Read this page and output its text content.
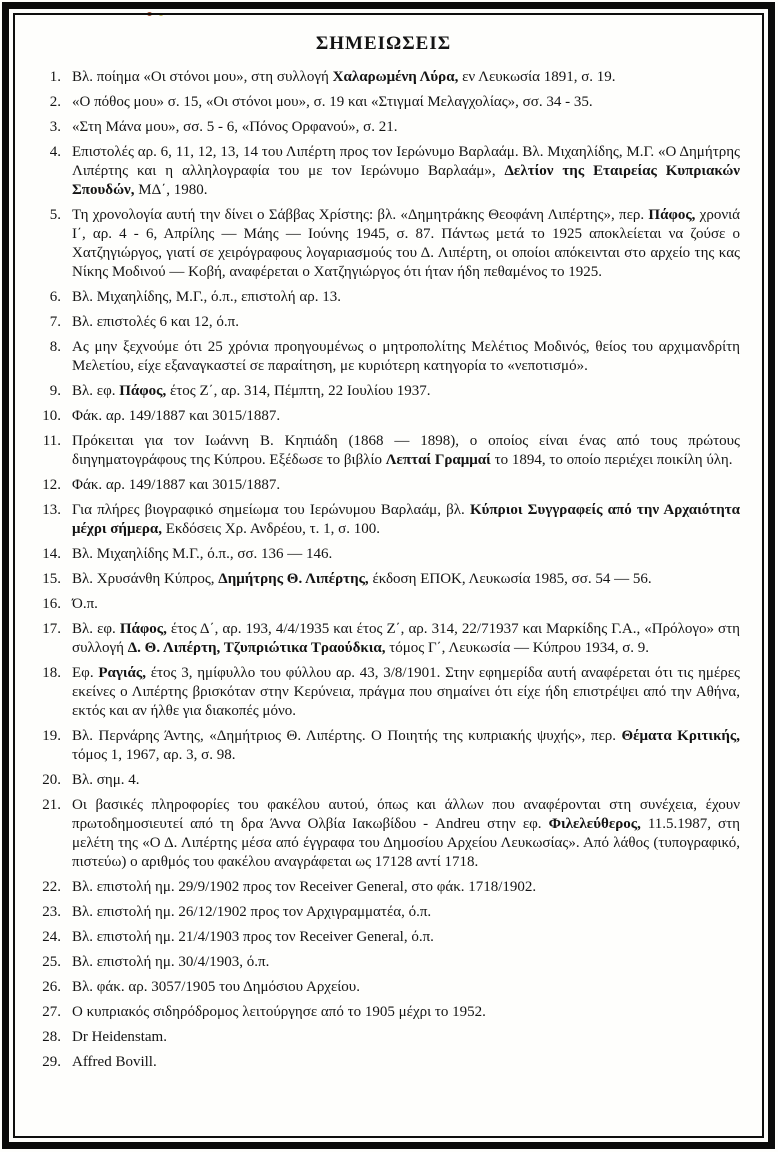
ΣΗΜΕΙΩΣΕΙΣ
1. Βλ. ποίημα «Οι στόνοι μου», στη συλλογή Χαλαρωμένη Λύρα, εν Λευκωσία 1891, σ. 19.
2. «Ο πόθος μου» σ. 15, «Οι στόνοι μου», σ. 19 και «Στιγμαί Μελαγχολίας», σσ. 34 - 35.
3. «Στη Μάνα μου», σσ. 5 - 6, «Πόνος Ορφανού», σ. 21.
4. Επιστολές αρ. 6, 11, 12, 13, 14 του Λιπέρτη προς τον Ιερώνυμο Βαρλαάμ. Βλ. Μιχαηλίδης, Μ.Γ. «Ο Δημήτρης Λιπέρτης και η αλληλογραφία του με τον Ιερώνυμο Βαρλαάμ», Δελτίον της Εταιρείας Κυπριακών Σπουδών, ΜΔ΄, 1980.
5. Τη χρονολογία αυτή την δίνει ο Σάββας Χρίστης: βλ. «Δημητράκης Θεοφάνη Λιπέρτης», περ. Πάφος, χρονιά Ι΄, αρ. 4 - 6, Απρίλης — Μάης — Ιούνης 1945, σ. 87. Πάντως μετά το 1925 αποκλείεται να ζούσε ο Χατζηγιώργος, γιατί σε χειρόγραφους λογαριασμούς του Δ. Λιπέρτη, οι οποίοι απόκεινται στο αρχείο της κας Νίκης Μοδινού — Κοβή, αναφέρεται ο Χατζηγιώργος ότι ήταν ήδη πεθαμένος το 1925.
6. Βλ. Μιχαηλίδης, Μ.Γ., ό.π., επιστολή αρ. 13.
7. Βλ. επιστολές 6 και 12, ό.π.
8. Ας μην ξεχνούμε ότι 25 χρόνια προηγουμένως ο μητροπολίτης Μελέτιος Μοδινός, θείος του αρχιμανδρίτη Μελετίου, είχε εξαναγκαστεί σε παραίτηση, με κυριότερη κατηγορία το «νεποτισμό».
9. Βλ. εφ. Πάφος, έτος Ζ΄, αρ. 314, Πέμπτη, 22 Ιουλίου 1937.
10. Φάκ. αρ. 149/1887 και 3015/1887.
11. Πρόκειται για τον Ιωάννη Β. Κηπιάδη (1868 — 1898), ο οποίος είναι ένας από τους πρώτους διηγηματογράφους της Κύπρου. Εξέδωσε το βιβλίο Λεπταί Γραμμαί το 1894, το οποίο περιέχει ποικίλη ύλη.
12. Φάκ. αρ. 149/1887 και 3015/1887.
13. Για πλήρες βιογραφικό σημείωμα του Ιερώνυμου Βαρλαάμ, βλ. Κύπριοι Συγγραφείς από την Αρχαιότητα μέχρι σήμερα, Εκδόσεις Χρ. Ανδρέου, τ. 1, σ. 100.
14. Βλ. Μιχαηλίδης Μ.Γ., ό.π., σσ. 136 — 146.
15. Βλ. Χρυσάνθη Κύπρος, Δημήτρης Θ. Λιπέρτης, έκδοση ΕΠΟΚ, Λευκωσία 1985, σσ. 54 — 56.
16. Ό.π.
17. Βλ. εφ. Πάφος, έτος Δ΄, αρ. 193, 4/4/1935 και έτος Ζ΄, αρ. 314, 22/71937 και Μαρκίδης Γ.Α., «Πρόλογο» στη συλλογή Δ. Θ. Λιπέρτη, Τζυπριώτικα Τραούδκια, τόμος Γ΄, Λευκωσία — Κύπρου 1934, σ. 9.
18. Εφ. Ραγιάς, έτος 3, ημίφυλλο του φύλλου αρ. 43, 3/8/1901. Στην εφημερίδα αυτή αναφέρεται ότι τις ημέρες εκείνες ο Λιπέρτης βρισκόταν στην Κερύνεια, πράγμα που σημαίνει ότι είχε ήδη επιστρέψει από την Αθήνα, εκτός και αν ήλθε για διακοπές μόνο.
19. Βλ. Περνάρης Άντης, «Δημήτριος Θ. Λιπέρτης. Ο Ποιητής της κυπριακής ψυχής», περ. Θέματα Κριτικής, τόμος 1, 1967, αρ. 3, σ. 98.
20. Βλ. σημ. 4.
21. Οι βασικές πληροφορίες του φακέλου αυτού, όπως και άλλων που αναφέρονται στη συνέχεια, έχουν πρωτοδημοσιευτεί από τη δρα Άννα Ολβία Ιακωβίδου - Andreu στην εφ. Φιλελεύθερος, 11.5.1987, στη μελέτη της «Ο Δ. Λιπέρτης μέσα από έγγραφα του Δημοσίου Αρχείου Λευκωσίας». Από λάθος (τυπογραφικό, πιστεύω) ο αριθμός του φακέλου αναγράφεται ως 17128 αντί 1718.
22. Βλ. επιστολή ημ. 29/9/1902 προς τον Receiver General, στο φάκ. 1718/1902.
23. Βλ. επιστολή ημ. 26/12/1902 προς τον Αρχιγραμματέα, ό.π.
24. Βλ. επιστολή ημ. 21/4/1903 προς τον Receiver General, ό.π.
25. Βλ. επιστολή ημ. 30/4/1903, ό.π.
26. Βλ. φάκ. αρ. 3057/1905 του Δημόσιου Αρχείου.
27. Ο κυπριακός σιδηρόδρομος λειτούργησε από το 1905 μέχρι το 1952.
28. Dr Heidenstam.
29. Affred Bovill.
